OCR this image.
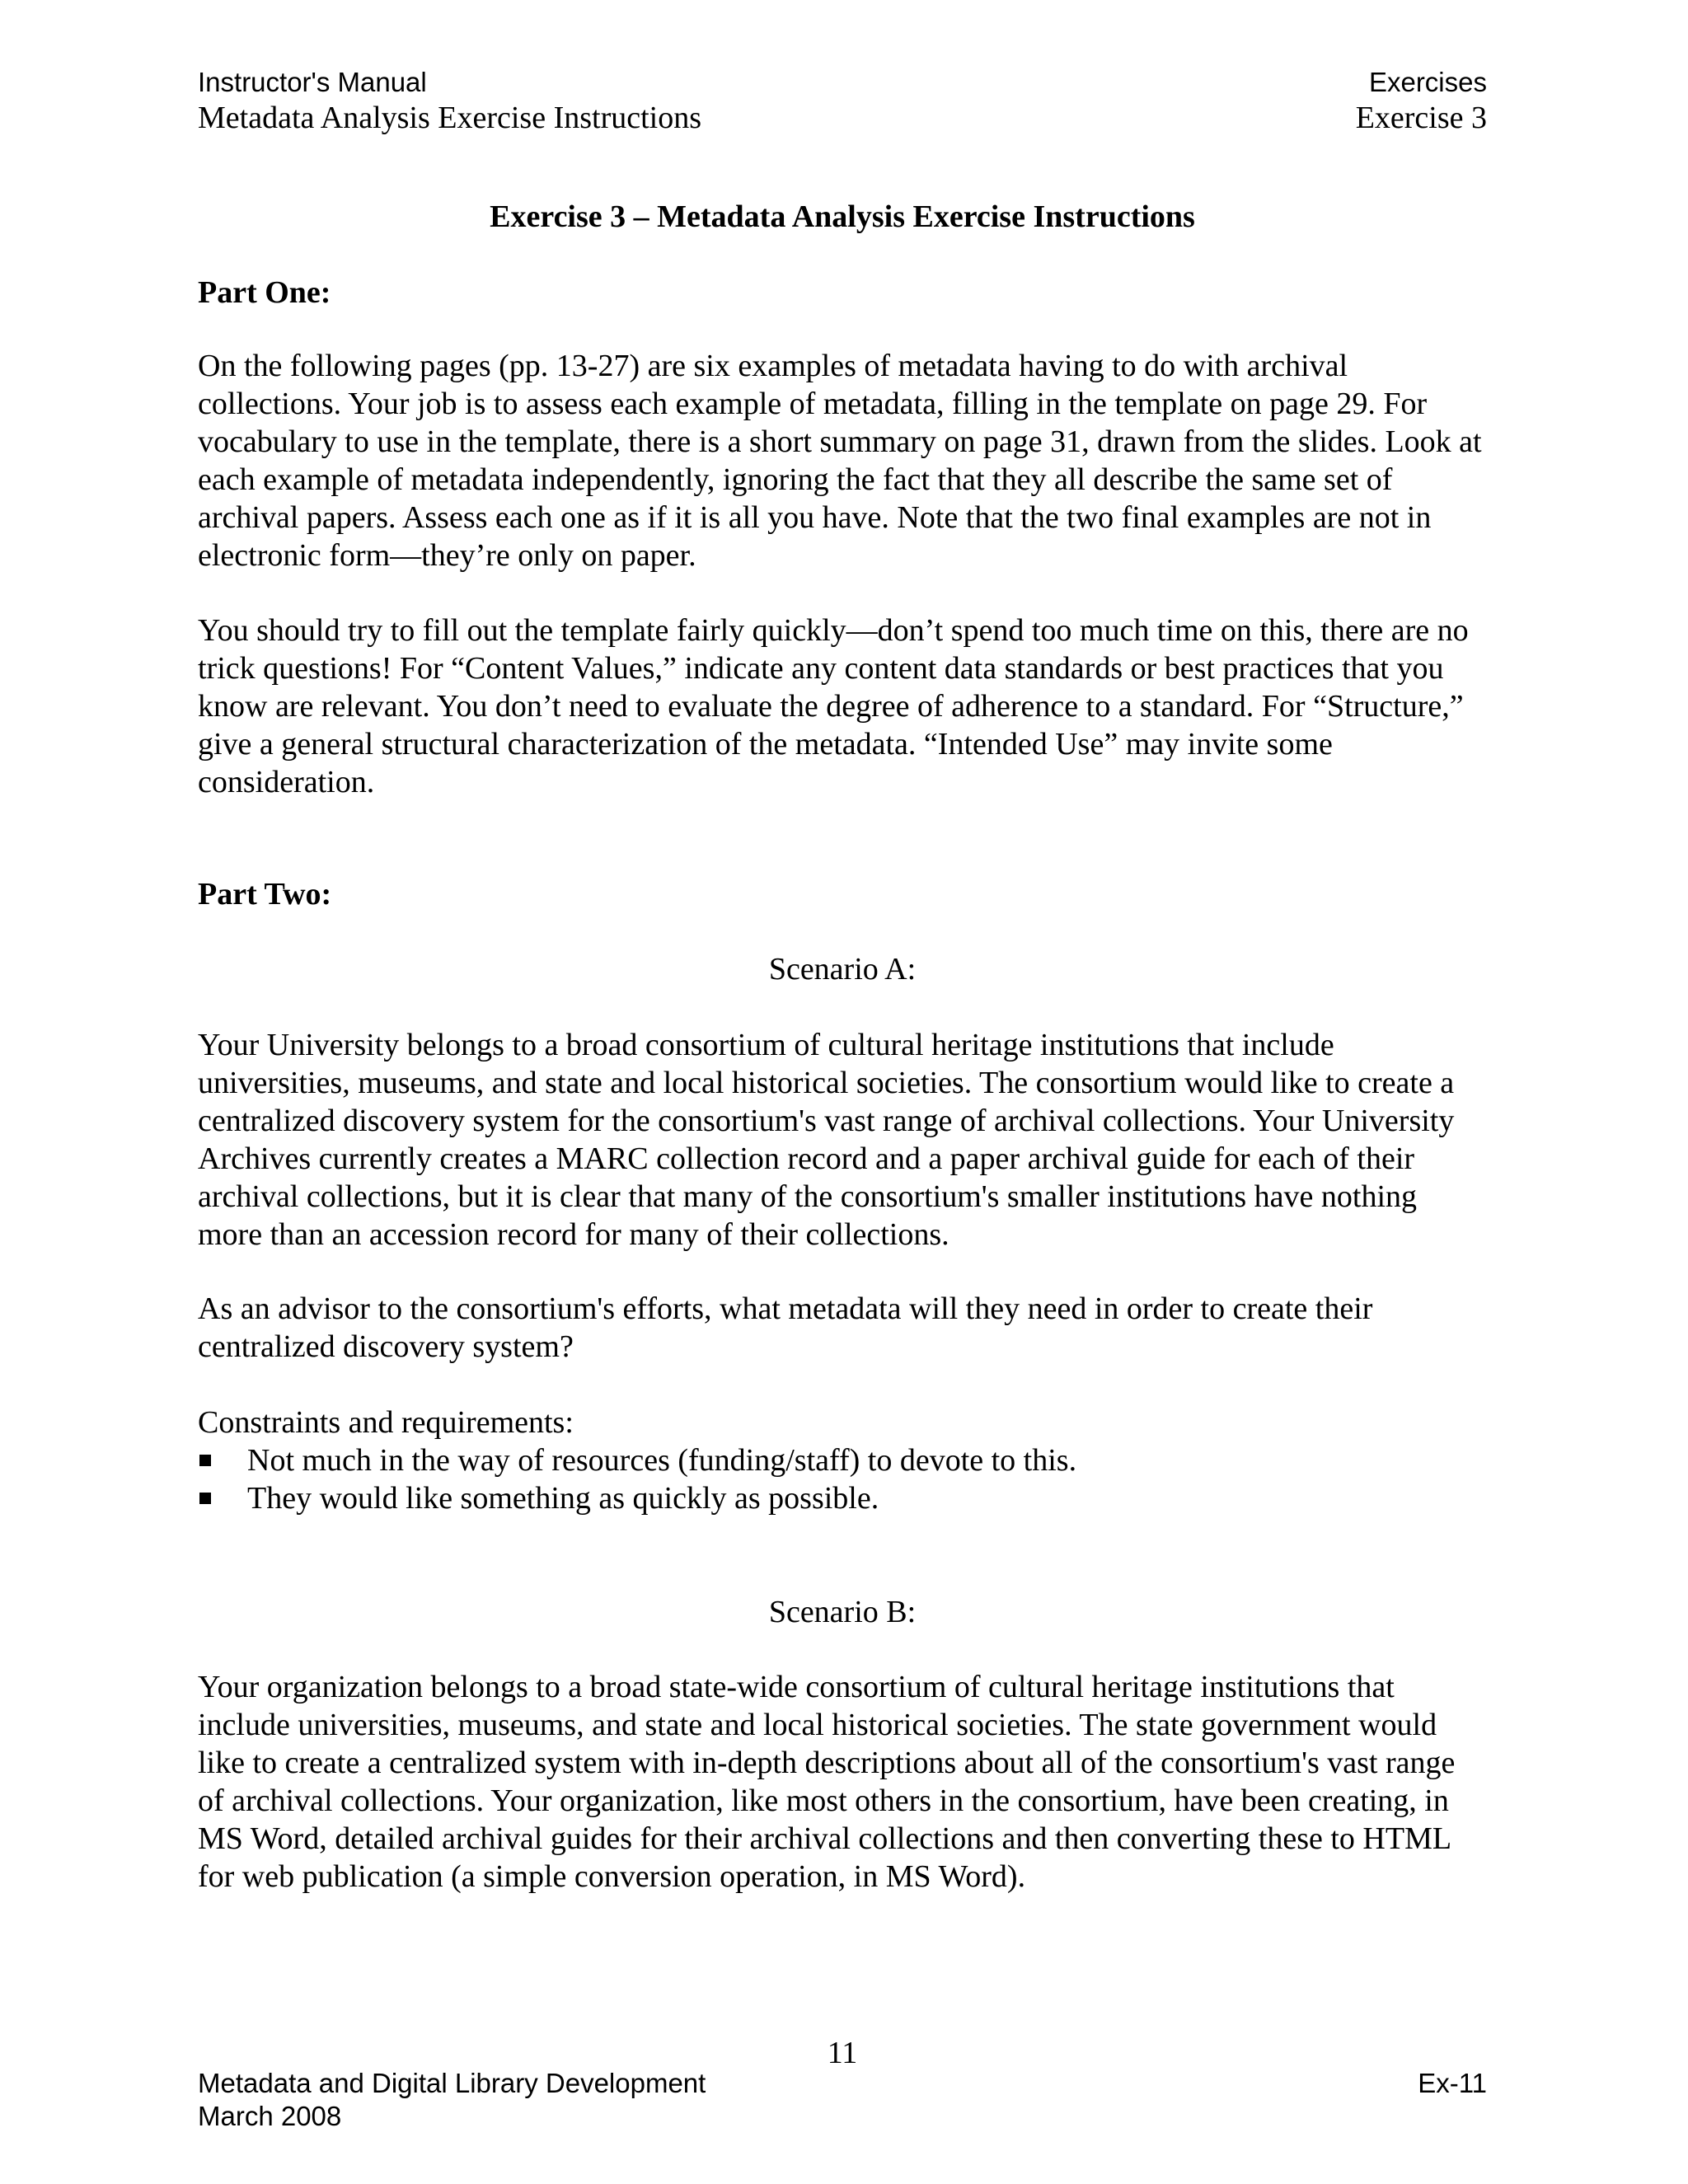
Instructor's Manual	Exercises
Metadata Analysis Exercise Instructions	Exercise 3
Exercise 3 – Metadata Analysis Exercise Instructions
Part One:

On the following pages (pp. 13-27) are six examples of metadata having to do with archival collections. Your job is to assess each example of metadata, filling in the template on page 29. For vocabulary to use in the template, there is a short summary on page 31, drawn from the slides. Look at each example of metadata independently, ignoring the fact that they all describe the same set of archival papers. Assess each one as if it is all you have. Note that the two final examples are not in electronic form—they’re only on paper.

You should try to fill out the template fairly quickly—don’t spend too much time on this, there are no trick questions! For “Content Values,” indicate any content data standards or best practices that you know are relevant. You don’t need to evaluate the degree of adherence to a standard. For “Structure,” give a general structural characterization of the metadata. “Intended Use” may invite some consideration.

Part Two:
Scenario A:

Your University belongs to a broad consortium of cultural heritage institutions that include universities, museums, and state and local historical societies. The consortium would like to create a centralized discovery system for the consortium's vast range of archival collections. Your University Archives currently creates a MARC collection record and a paper archival guide for each of their archival collections, but it is clear that many of the consortium's smaller institutions have nothing more than an accession record for many of their collections.

As an advisor to the consortium's efforts, what metadata will they need in order to create their centralized discovery system?

Constraints and requirements:
Not much in the way of resources (funding/staff) to devote to this.
They would like something as quickly as possible.
Scenario B:

Your organization belongs to a broad state-wide consortium of cultural heritage institutions that include universities, museums, and state and local historical societies. The state government would like to create a centralized system with in-depth descriptions about all of the consortium's vast range of archival collections. Your organization, like most others in the consortium, have been creating, in MS Word, detailed archival guides for their archival collections and then converting these to HTML for web publication (a simple conversion operation, in MS Word).

11
Metadata and Digital Library Development	Ex-11
March 2008
